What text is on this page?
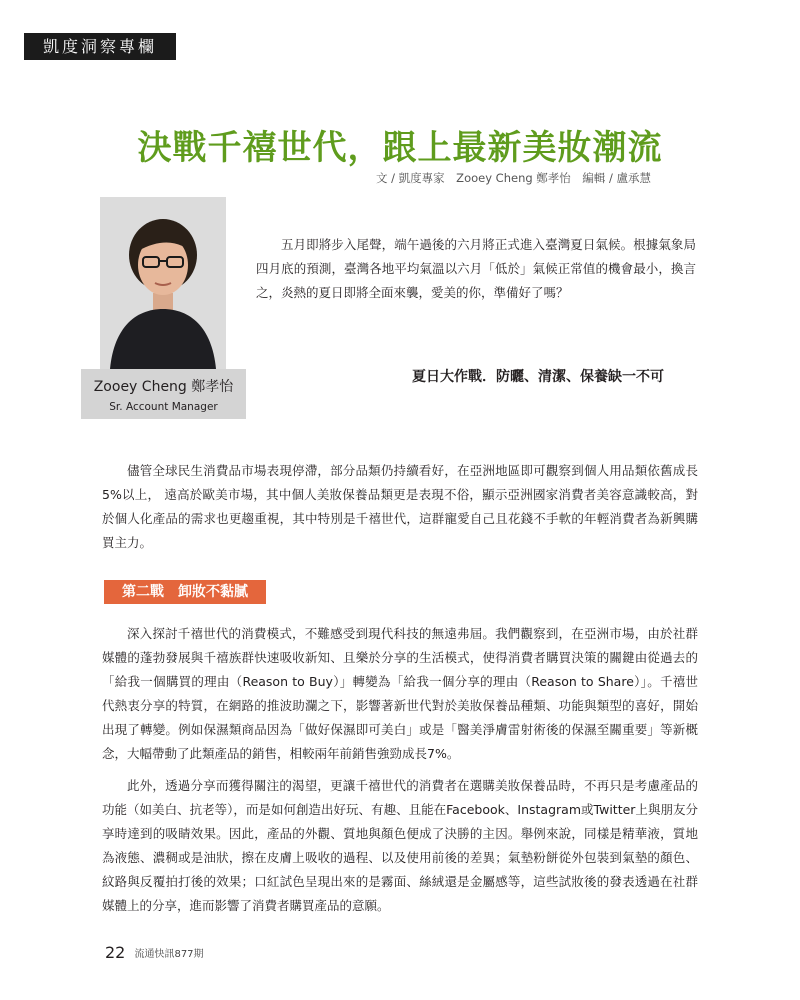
凱度洞察專欄
決戰千禧世代，跟上最新美妝潮流
文 / 凱度專家　Zooey Cheng 鄭孝怡　編輯 / 盧承慧
Zooey Cheng 鄭孝怡
Sr. Account Manager

五月即將步入尾聲，端午過後的六月將正式進入臺灣夏日氣候。根據氣象局四月底的預測，臺灣各地平均氣溫以六月「低於」氣候正常值的機會最小，換言之，炎熱的夏日即將全面來襲，愛美的你，準備好了嗎？

夏日大作戰．防曬、清潔、保養缺一不可

儘管全球民生消費品市場表現停滯，部分品類仍持續看好，在亞洲地區即可觀察到個人用品類依舊成長5%以上， 遠高於歐美市場，其中個人美妝保養品類更是表現不俗，顯示亞洲國家消費者美容意識較高，對於個人化產品的需求也更趨重視，其中特別是千禧世代，這群寵愛自己且花錢不手軟的年輕消費者為新興購買主力。

第二戰　卸妝不黏膩

深入探討千禧世代的消費模式，不難感受到現代科技的無遠弗屆。我們觀察到，在亞洲市場，由於社群媒體的蓬勃發展與千禧族群快速吸收新知、且樂於分享的生活模式，使得消費者購買決策的關鍵由從過去的「給我一個購買的理由（Reason to Buy）」轉變為「給我一個分享的理由（Reason to Share）」。千禧世代熱衷分享的特質，在網路的推波助瀾之下，影響著新世代對於美妝保養品種類、功能與類型的喜好，開始出現了轉變。例如保濕類商品因為「做好保濕即可美白」或是「醫美淨膚雷射術後的保濕至關重要」等新概念，大幅帶動了此類產品的銷售，相較兩年前銷售強勁成長7%。

此外，透過分享而獲得關注的渴望，更讓千禧世代的消費者在選購美妝保養品時，不再只是考慮產品的功能（如美白、抗老等），而是如何創造出好玩、有趣、且能在Facebook、Instagram或Twitter上與朋友分享時達到的吸睛效果。因此，產品的外觀、質地與顏色便成了決勝的主因。舉例來說，同樣是精華液，質地為液態、濃稠或是油狀，擦在皮膚上吸收的過程、以及使用前後的差異；氣墊粉餅從外包裝到氣墊的顏色、紋路與反覆拍打後的效果；口紅試色呈現出來的是霧面、絲絨還是金屬感等，這些試妝後的發表透過在社群媒體上的分享，進而影響了消費者購買產品的意願。

22 流通快訊877期
